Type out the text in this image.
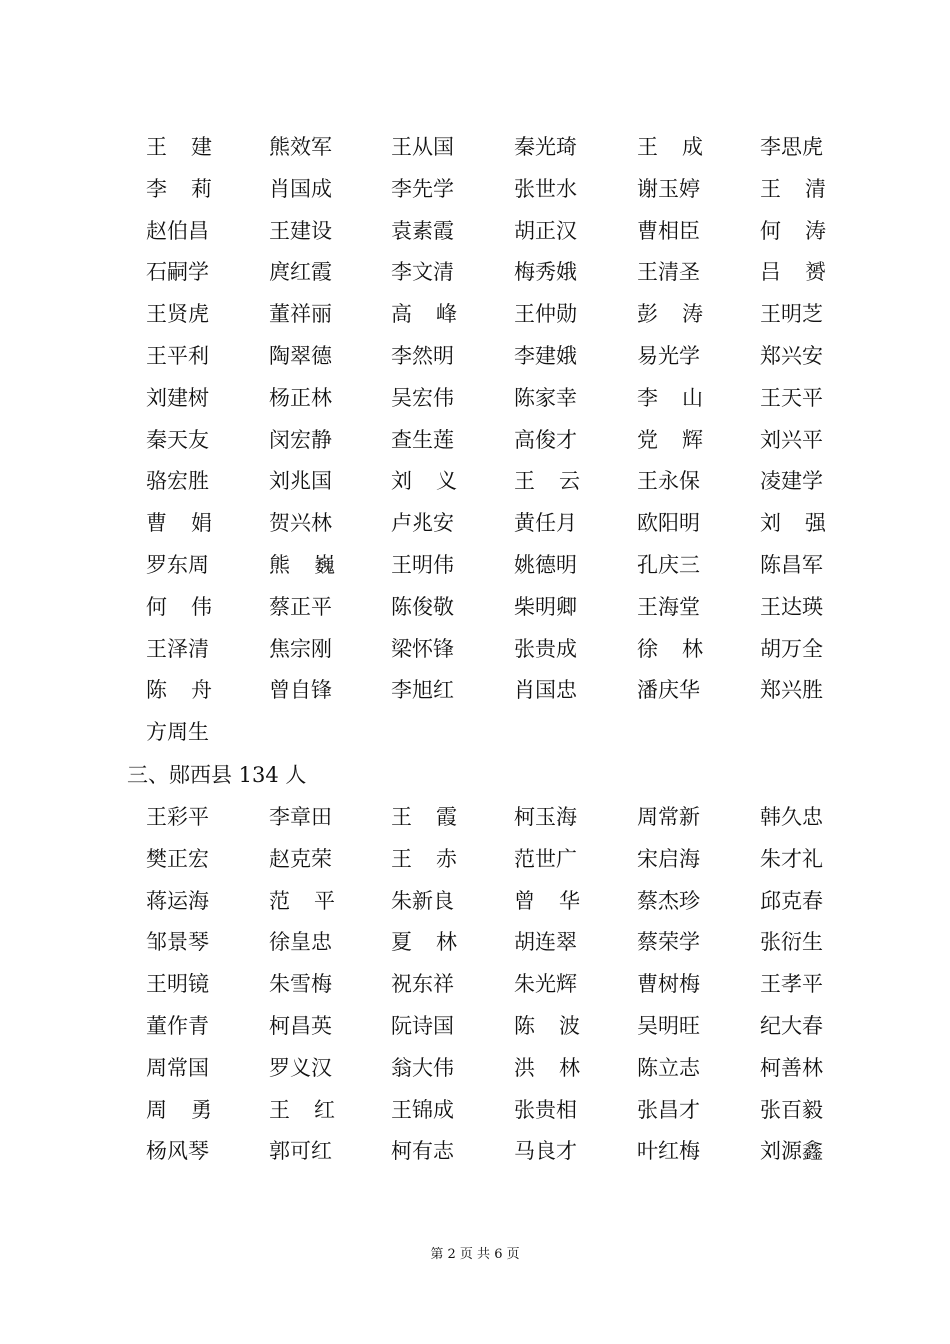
王 建	熊效军	王从国	秦光琦	王 成	李思虎
李 莉	肖国成	李先学	张世水	谢玉婷	王 清
赵伯昌	王建设	袁素霞	胡正汉	曹相臣	何 涛
石嗣学	庹红霞	李文清	梅秀娥	王清圣	吕 赟
王贤虎	董祥丽	高 峰	王仲勋	彭 涛	王明芝
王平利	陶翠德	李然明	李建娥	易光学	郑兴安
刘建树	杨正林	吴宏伟	陈家幸	李 山	王天平
秦天友	闵宏静	查生莲	高俊才	党 辉	刘兴平
骆宏胜	刘兆国	刘 义	王 云	王永保	凌建学
曹 娟	贺兴林	卢兆安	黄任月	欧阳明	刘 强
罗东周	熊 巍	王明伟	姚德明	孔庆三	陈昌军
何 伟	蔡正平	陈俊敬	柴明卿	王海堂	王达瑛
王泽清	焦宗刚	梁怀锋	张贵成	徐 林	胡万全
陈 舟	曾自锋	李旭红	肖国忠	潘庆华	郑兴胜
方周生
三、郧西县 134 人
王彩平	李章田	王 霞	柯玉海	周常新	韩久忠
樊正宏	赵克荣	王 赤	范世广	宋启海	朱才礼
蒋运海	范 平	朱新良	曾 华	蔡杰珍	邱克春
邹景琴	徐皇忠	夏 林	胡连翠	蔡荣学	张衍生
王明镜	朱雪梅	祝东祥	朱光辉	曹树梅	王孝平
董作青	柯昌英	阮诗国	陈 波	吴明旺	纪大春
周常国	罗义汉	翁大伟	洪 林	陈立志	柯善林
周 勇	王 红	王锦成	张贵相	张昌才	张百毅
杨风琴	郭可红	柯有志	马良才	叶红梅	刘源鑫
第 2 页 共 6 页
